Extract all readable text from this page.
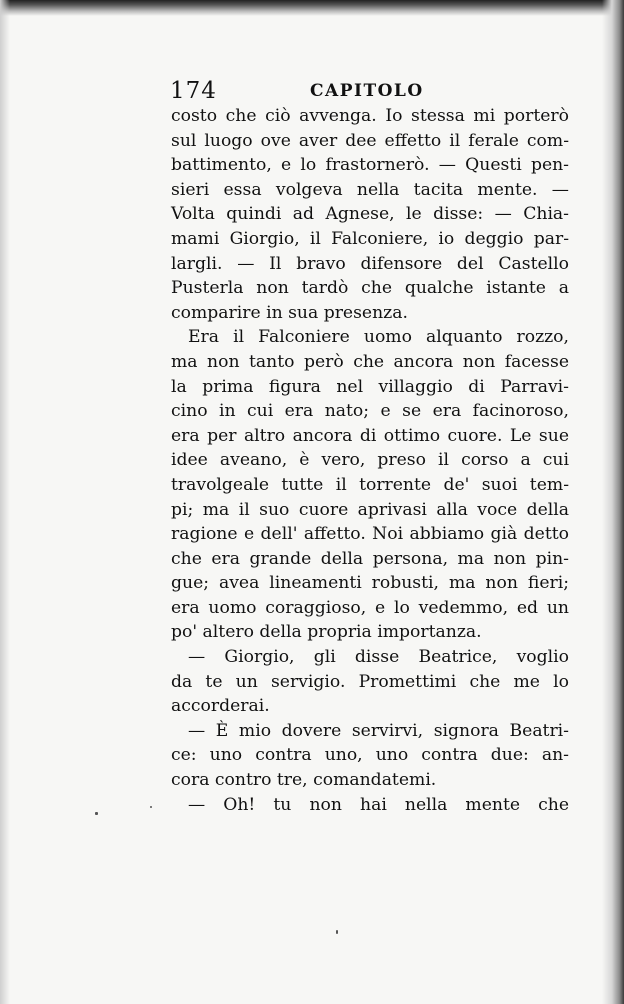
174	CAPITOLO
costo che ciò avvenga. Io stessa mi porterò
sul luogo ove aver dee effetto il ferale com-
battimento, e lo frastornerò. — Questi pen-
sieri essa volgeva nella tacita mente. —
Volta quindi ad Agnese, le disse: — Chia-
mami Giorgio, il Falconiere, io deggio par-
largli. — Il bravo difensore del Castello
Pusterla non tardò che qualche istante a
comparire in sua presenza.
Era il Falconiere uomo alquanto rozzo,
ma non tanto però che ancora non facesse
la prima figura nel villaggio di Parravi-
cino in cui era nato; e se era facinoroso,
era per altro ancora di ottimo cuore. Le sue
idee aveano, è vero, preso il corso a cui
travolgeale tutte il torrente de' suoi tem-
pi; ma il suo cuore aprivasi alla voce della
ragione e dell' affetto. Noi abbiamo già detto
che era grande della persona, ma non pin-
gue; avea lineamenti robusti, ma non fieri;
era uomo coraggioso, e lo vedemmo, ed un
po' altero della propria importanza.
— Giorgio, gli disse Beatrice, voglio
da te un servigio. Promettimi che me lo
accorderai.
— È mio dovere servirvi, signora Beatri-
ce: uno contra uno, uno contra due: an-
cora contro tre, comandatemi.
— Oh! tu non hai nella mente che
